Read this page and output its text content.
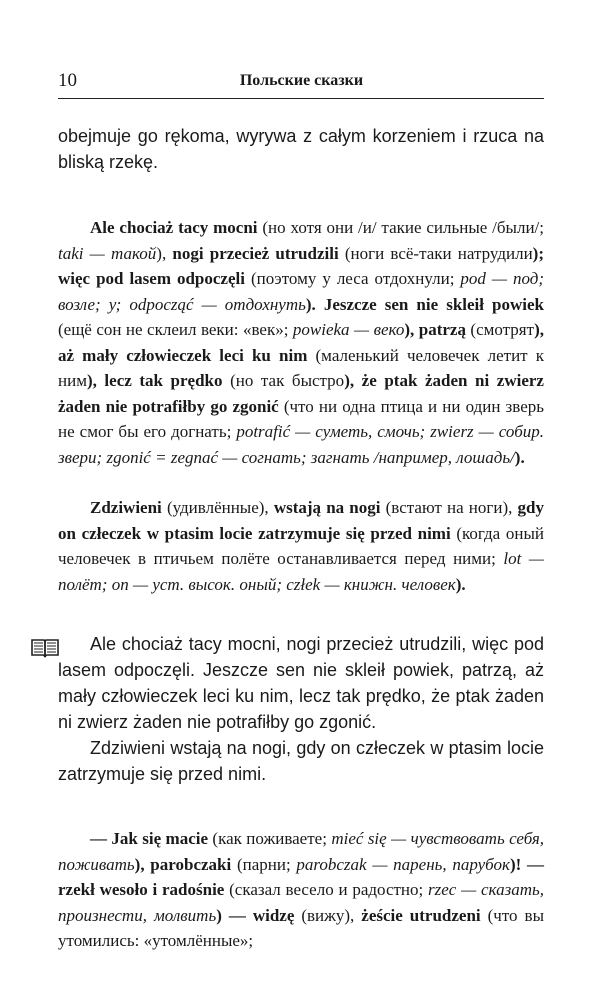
10	Польские сказки

obejmuje go rękoma, wyrywa z całym korzeniem i rzuca na bliską rzekę.

Ale chociaż tacy mocni (но хотя они /и/ такие сильные /были/; taki — такой), nogi przecież utrudzili (ноги всё-таки натрудили); więc pod lasem odpoczęli (поэтому у леса отдохнули; pod — под; возле; у; odpocząć — отдохнуть). Jeszcze sen nie skleił powiek (ещё сон не склеил веки: «век»; powieka — веко), patrzą (смотрят), aż mały człowieczek leci ku nim (маленький человечек летит к ним), lecz tak prędko (но так быстро), że ptak żaden ni zwierz żaden nie potrafiłby go zgonić (что ни одна птица и ни один зверь не смог бы его догнать; potrafić — суметь, смочь; zwierz — собир. звери; zgonić = zegnać — согнать; загнать /например, лошадь/).

Zdziwieni (удивлённые), wstają na nogi (встают на ноги), gdy on człeczek w ptasim locie zatrzymuje się przed nimi (когда оный человечек в птичьем полёте останавливается перед ними; lot — полёт; on — уст. высок. оный; człek — книжн. человек).

Ale chociaż tacy mocni, nogi przecież utrudzili, więc pod lasem odpoczęli. Jeszcze sen nie skleił powiek, patrzą, aż mały człowieczek leci ku nim, lecz tak prędko, że ptak żaden ni zwierz żaden nie potrafiłby go zgonić.

Zdziwieni wstają na nogi, gdy on człeczek w ptasim locie zatrzymuje się przed nimi.

— Jak się macie (как поживаете; mieć się — чувствовать себя, поживать), parobczaki (парни; parobczak — парень, парубок)! — rzekł wesoło i radośnie (сказал весело и радостно; rzec — сказать, произнести, молвить) — widzę (вижу), żeście utrudzeni (что вы утомились: «утомлённые»;
